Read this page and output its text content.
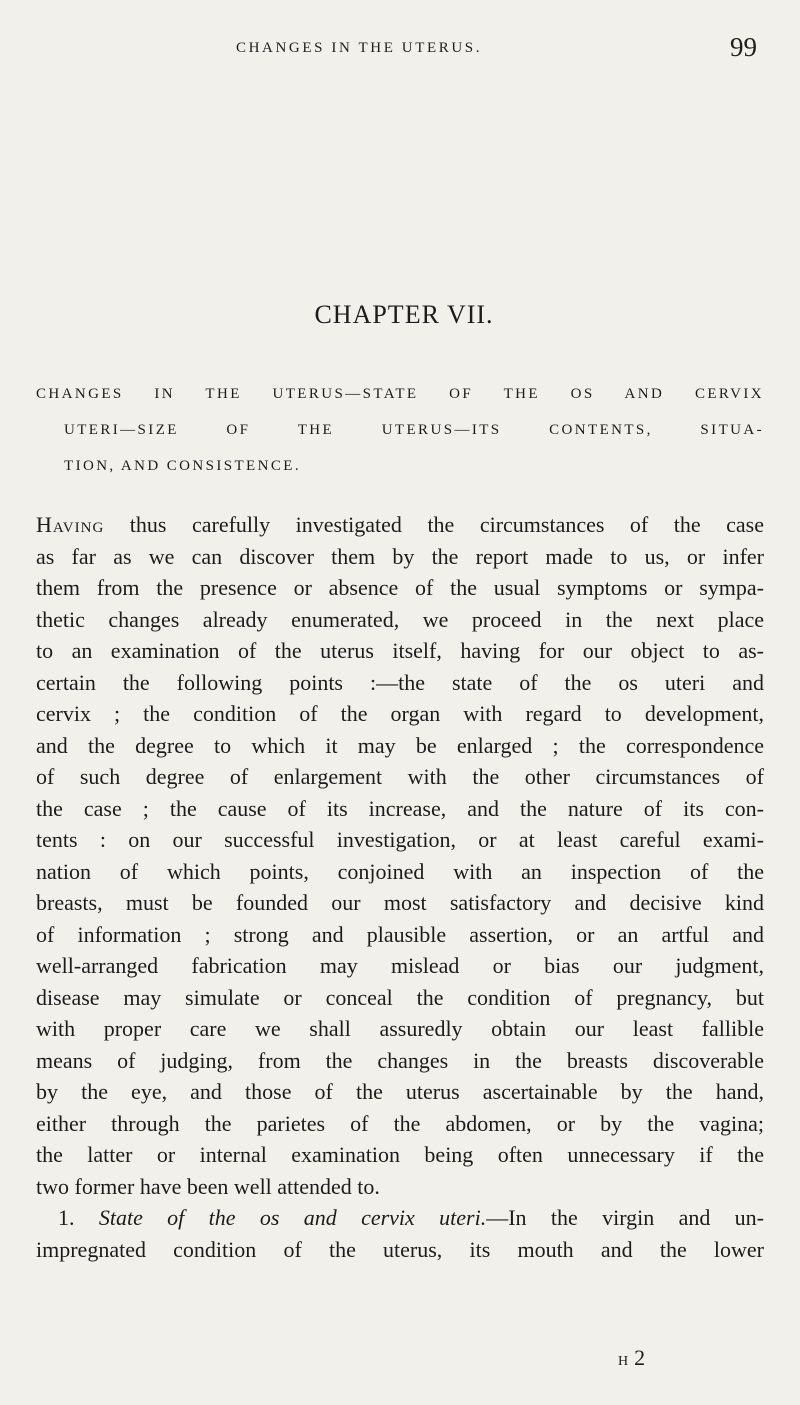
CHANGES IN THE UTERUS.	99
CHAPTER VII.
CHANGES IN THE UTERUS—STATE OF THE OS AND CERVIX
UTERI—SIZE OF THE UTERUS—ITS CONTENTS, SITUA-
TION, AND CONSISTENCE.
Having thus carefully investigated the circumstances of the case
as far as we can discover them by the report made to us, or infer
them from the presence or absence of the usual symptoms or sympa-
thetic changes already enumerated, we proceed in the next place
to an examination of the uterus itself, having for our object to as-
certain the following points :—the state of the os uteri and
cervix ; the condition of the organ with regard to development,
and the degree to which it may be enlarged ; the correspondence
of such degree of enlargement with the other circumstances of
the case ; the cause of its increase, and the nature of its con-
tents : on our successful investigation, or at least careful exami-
nation of which points, conjoined with an inspection of the
breasts, must be founded our most satisfactory and decisive kind
of information ; strong and plausible assertion, or an artful and
well-arranged fabrication may mislead or bias our judgment,
disease may simulate or conceal the condition of pregnancy, but
with proper care we shall assuredly obtain our least fallible
means of judging, from the changes in the breasts discoverable
by the eye, and those of the uterus ascertainable by the hand,
either through the parietes of the abdomen, or by the vagina;
the latter or internal examination being often unnecessary if the
two former have been well attended to.
 1. State of the os and cervix uteri.—In the virgin and un-
impregnated condition of the uterus, its mouth and the lower
H2
